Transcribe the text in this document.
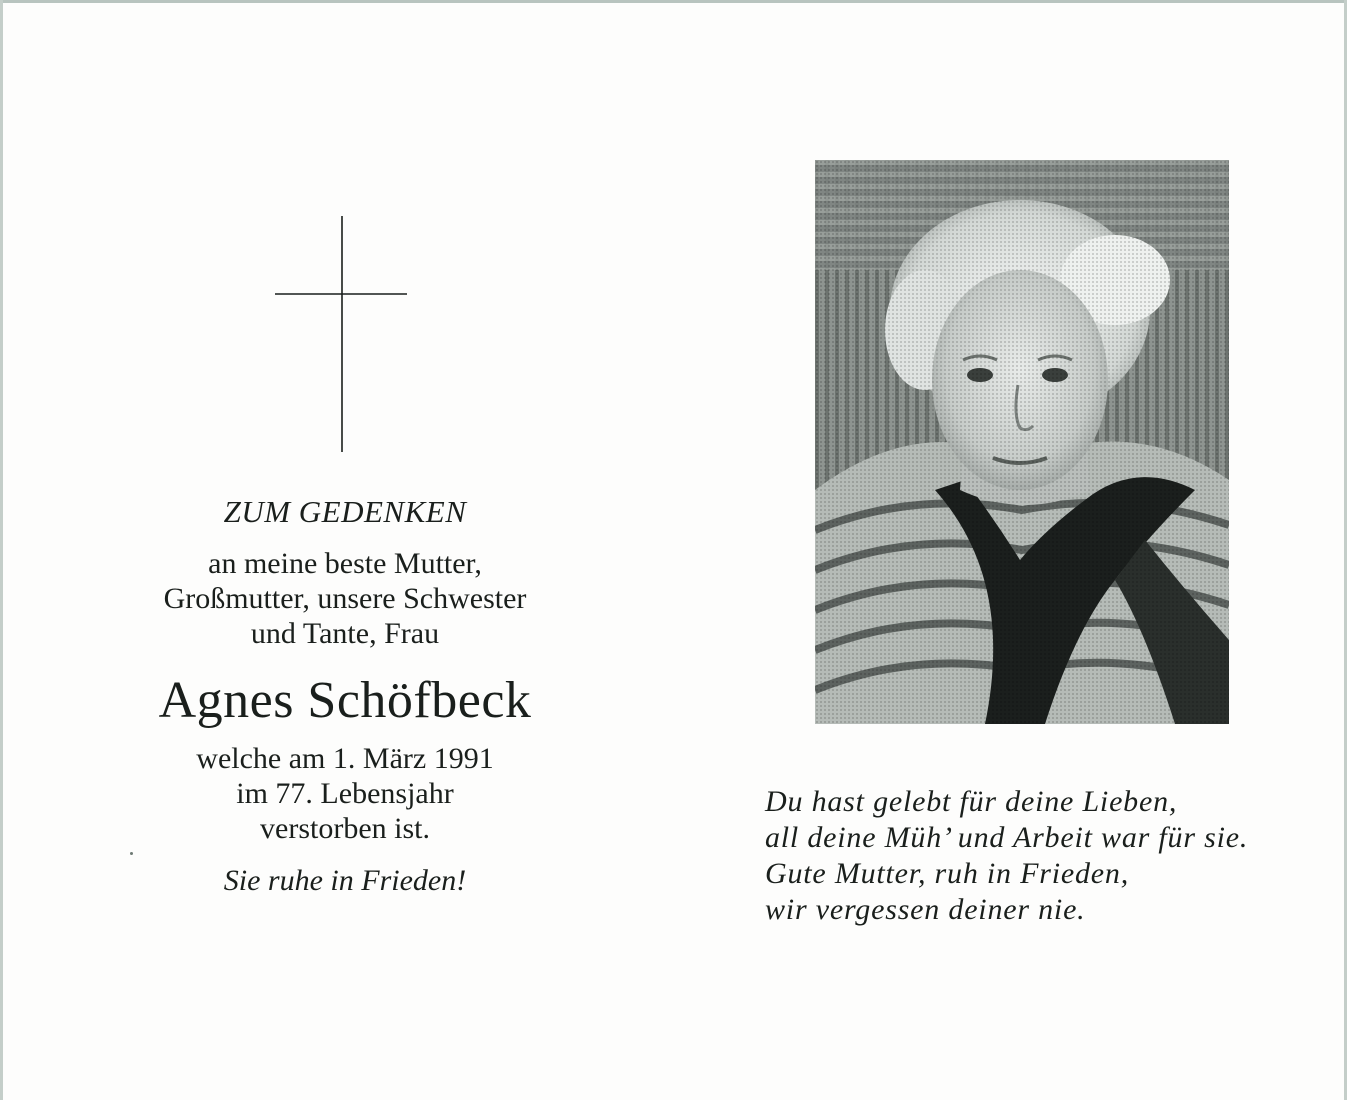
ZUM GEDENKEN
an meine beste Mutter,
Großmutter, unsere Schwester
und Tante, Frau
Agnes Schöfbeck
welche am 1. März 1991
im 77. Lebensjahr
verstorben ist.
Sie ruhe in Frieden!
Du hast gelebt für deine Lieben,
all deine Müh’ und Arbeit war für sie.
Gute Mutter, ruh in Frieden,
wir vergessen deiner nie.
